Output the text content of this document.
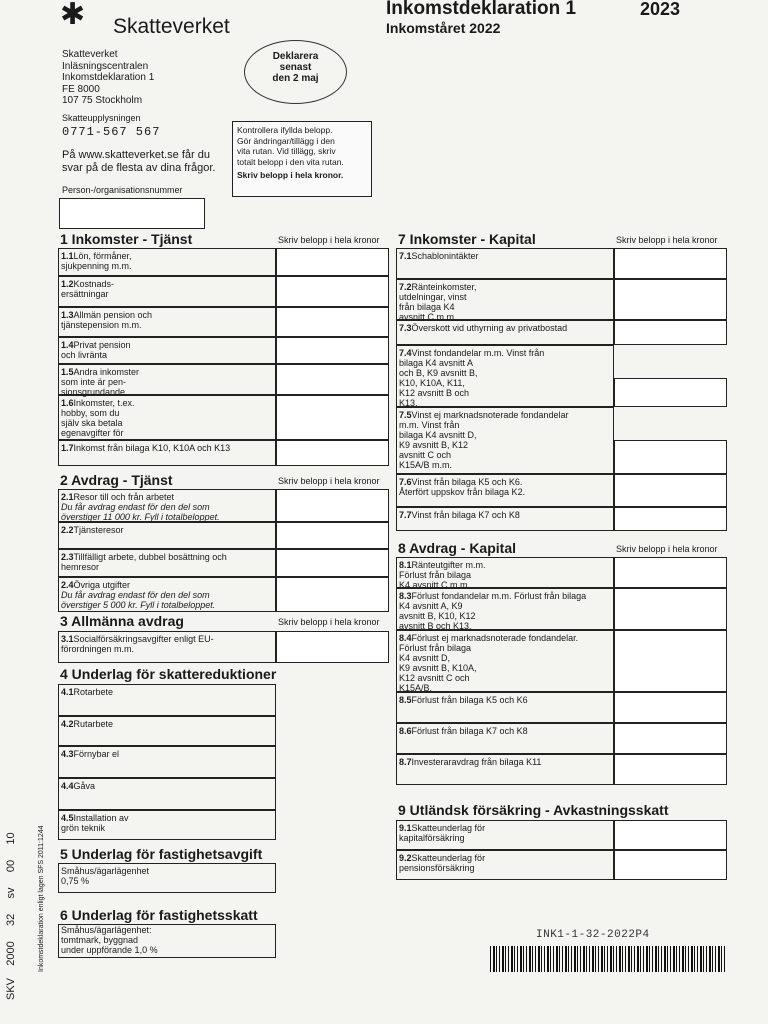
✱ Skatteverket
Inkomstdeklaration 1	2023
Inkomståret 2022
Skatteverket
Inläsningscentralen
Inkomstdeklaration 1
FE 8000
107 75 Stockholm
Deklarera
senast
den 2 maj
Skatteupplysningen
0771-567 567
På www.skatteverket.se får du
svar på de flesta av dina frågor.
Kontrollera ifyllda belopp.
Gör ändringar/tillägg i den
vita rutan. Vid tillägg, skriv
totalt belopp i den vita rutan.
Skriv belopp i hela kronor.
Person-/organisationsnummer
1 Inkomster - Tjänst	Skriv belopp i hela kronor
1.1Lön, förmåner,
sjukpenning m.m.
1.2Kostnads-
ersättningar
1.3Allmän pension och
tjänstepension m.m.
1.4Privat pension
och livränta
1.5Andra inkomster
som inte är pen-
sionsgrundande
1.6Inkomster, t.ex.
hobby, som du
själv ska betala
egenavgifter för
1.7Inkomst från bilaga K10, K10A och K13
2 Avdrag - Tjänst	Skriv belopp i hela kronor
2.1Resor till och från arbetet
Du får avdrag endast för den del som
överstiger 11 000 kr. Fyll i totalbeloppet.
2.2Tjänsteresor
2.3Tillfälligt arbete, dubbel bosättning och
hemresor
2.4Övriga utgifter
Du får avdrag endast för den del som
överstiger 5 000 kr. Fyll i totalbeloppet.
3 Allmänna avdrag	Skriv belopp i hela kronor
3.1Socialförsäkringsavgifter enligt EU-
förordningen m.m.
4 Underlag för skattereduktioner
4.1Rotarbete
4.2Rutarbete
4.3Förnybar el
4.4Gåva
4.5Installation av
grön teknik
5 Underlag för fastighetsavgift
Småhus/ägarlägenhet
0,75 %
6 Underlag för fastighetsskatt
Småhus/ägarlägenhet:
tomtmark, byggnad
under uppförande 1,0 %
7 Inkomster - Kapital	Skriv belopp i hela kronor
7.1Schablonintäkter
7.2Ränteinkomster,
utdelningar, vinst
från bilaga K4
avsnitt C m.m.
7.3Överskott vid uthyrning av privatbostad
7.4Vinst fondandelar m.m. Vinst från
bilaga K4 avsnitt A
och B, K9 avsnitt B,
K10, K10A, K11,
K12 avsnitt B och
K13.
7.5Vinst ej marknadsnoterade fondandelar
m.m. Vinst från
bilaga K4 avsnitt D,
K9 avsnitt B, K12
avsnitt C och
K15A/B m.m.
7.6Vinst från bilaga K5 och K6.
Återfört uppskov från bilaga K2.
7.7Vinst från bilaga K7 och K8
8 Avdrag - Kapital	Skriv belopp i hela kronor
8.1Ränteutgifter m.m.
Förlust från bilaga
K4 avsnitt C m.m.
8.3Förlust fondandelar m.m. Förlust från bilaga
K4 avsnitt A, K9
avsnitt B, K10, K12
avsnitt B och K13.
8.4Förlust ej marknadsnoterade fondandelar.
Förlust från bilaga
K4 avsnitt D,
K9 avsnitt B, K10A,
K12 avsnitt C och
K15A/B.
8.5Förlust från bilaga K5 och K6
8.6Förlust från bilaga K7 och K8
8.7Investeraravdrag från bilaga K11
9 Utländsk försäkring - Avkastningsskatt
9.1Skatteunderlag för
kapitalförsäkring
9.2Skatteunderlag för
pensionsförsäkring
INK1-1-32-2022P4
SKV    2000     32     sv     00     10	Inkomstdeklaration enligt lagen SFS 2011:1244
